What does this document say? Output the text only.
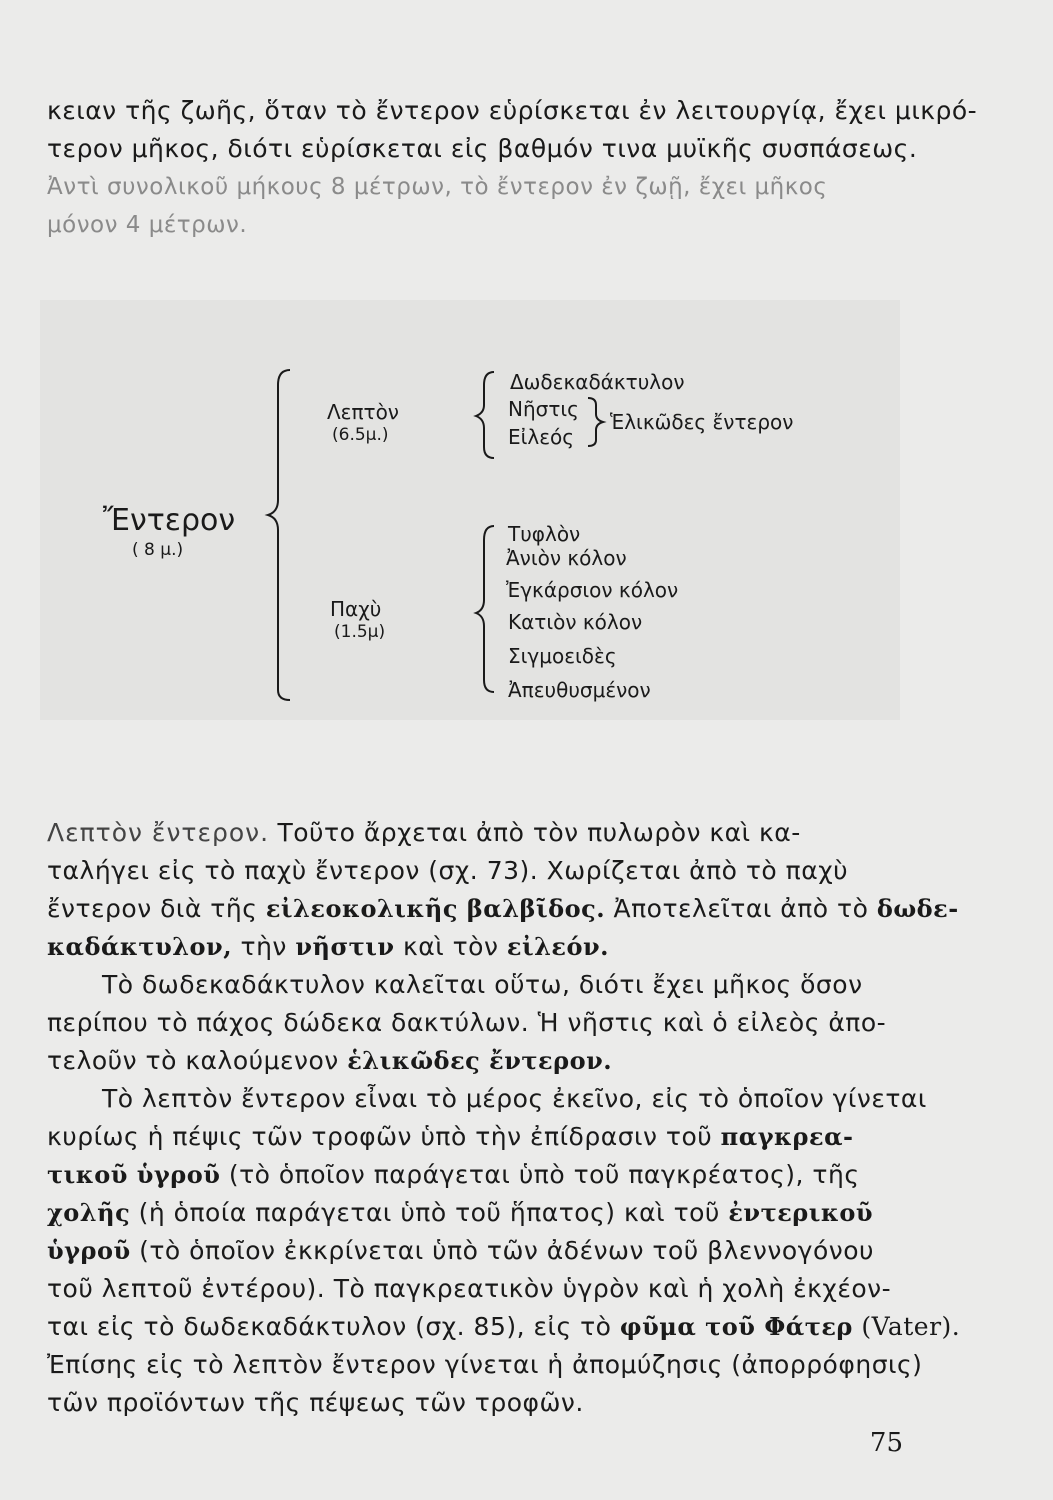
κειαν τῆς ζωῆς, ὅταν τὸ ἔντερον εὑρίσκεται ἐν λειτουργίᾳ, ἔχει μικρό-
τερον μῆκος, διότι εὑρίσκεται εἰς βαθμόν τινα μυϊκῆς συσπάσεως.
Ἀντὶ συνολικοῦ μήκους 8 μέτρων, τὸ ἔντερον ἐν ζωῇ, ἔχει μῆκος
μόνον 4 μέτρων.
Ἔντερον
( 8 μ.)
Λεπτὸν
(6.5μ.)
Δωδεκαδάκτυλον
Νῆστις
Εἰλεός
Ἑλικῶδες ἔντερον
Παχὺ
(1.5μ)
Τυφλὸν
Ἀνιὸν κόλον
Ἐγκάρσιον κόλον
Κατιὸν κόλον
Σιγμοειδὲς
Ἀπευθυσμένον
Λεπτὸν ἔντερον. Τοῦτο ἄρχεται ἀπὸ τὸν πυλωρὸν καὶ κα-
ταλήγει εἰς τὸ παχὺ ἔντερον (σχ. 73). Χωρίζεται ἀπὸ τὸ παχὺ
ἔντερον διὰ τῆς εἰλεοκολικῆς βαλβῖδος. Ἀποτελεῖται ἀπὸ τὸ δωδε-
καδάκτυλον, τὴν νῆστιν καὶ τὸν εἰλεόν.
Τὸ δωδεκαδάκτυλον καλεῖται οὕτω, διότι ἔχει μῆκος ὅσον
περίπου τὸ πάχος δώδεκα δακτύλων. Ἡ νῆστις καὶ ὁ εἰλεὸς ἀπο-
τελοῦν τὸ καλούμενον ἑλικῶδες ἔντερον.
Τὸ λεπτὸν ἔντερον εἶναι τὸ μέρος ἐκεῖνο, εἰς τὸ ὁποῖον γίνεται
κυρίως ἡ πέψις τῶν τροφῶν ὑπὸ τὴν ἐπίδρασιν τοῦ παγκρεα-
τικοῦ ὑγροῦ (τὸ ὁποῖον παράγεται ὑπὸ τοῦ παγκρέατος), τῆς
χολῆς (ἡ ὁποία παράγεται ὑπὸ τοῦ ἥπατος) καὶ τοῦ ἐντερικοῦ
ὑγροῦ (τὸ ὁποῖον ἐκκρίνεται ὑπὸ τῶν ἀδένων τοῦ βλεννογόνου
τοῦ λεπτοῦ ἐντέρου). Τὸ παγκρεατικὸν ὑγρὸν καὶ ἡ χολὴ ἐκχέον-
ται εἰς τὸ δωδεκαδάκτυλον (σχ. 85), εἰς τὸ φῦμα τοῦ Φάτερ (Vater).
Ἐπίσης εἰς τὸ λεπτὸν ἔντερον γίνεται ἡ ἀπομύζησις (ἀπορρόφησις)
τῶν προϊόντων τῆς πέψεως τῶν τροφῶν.
75
